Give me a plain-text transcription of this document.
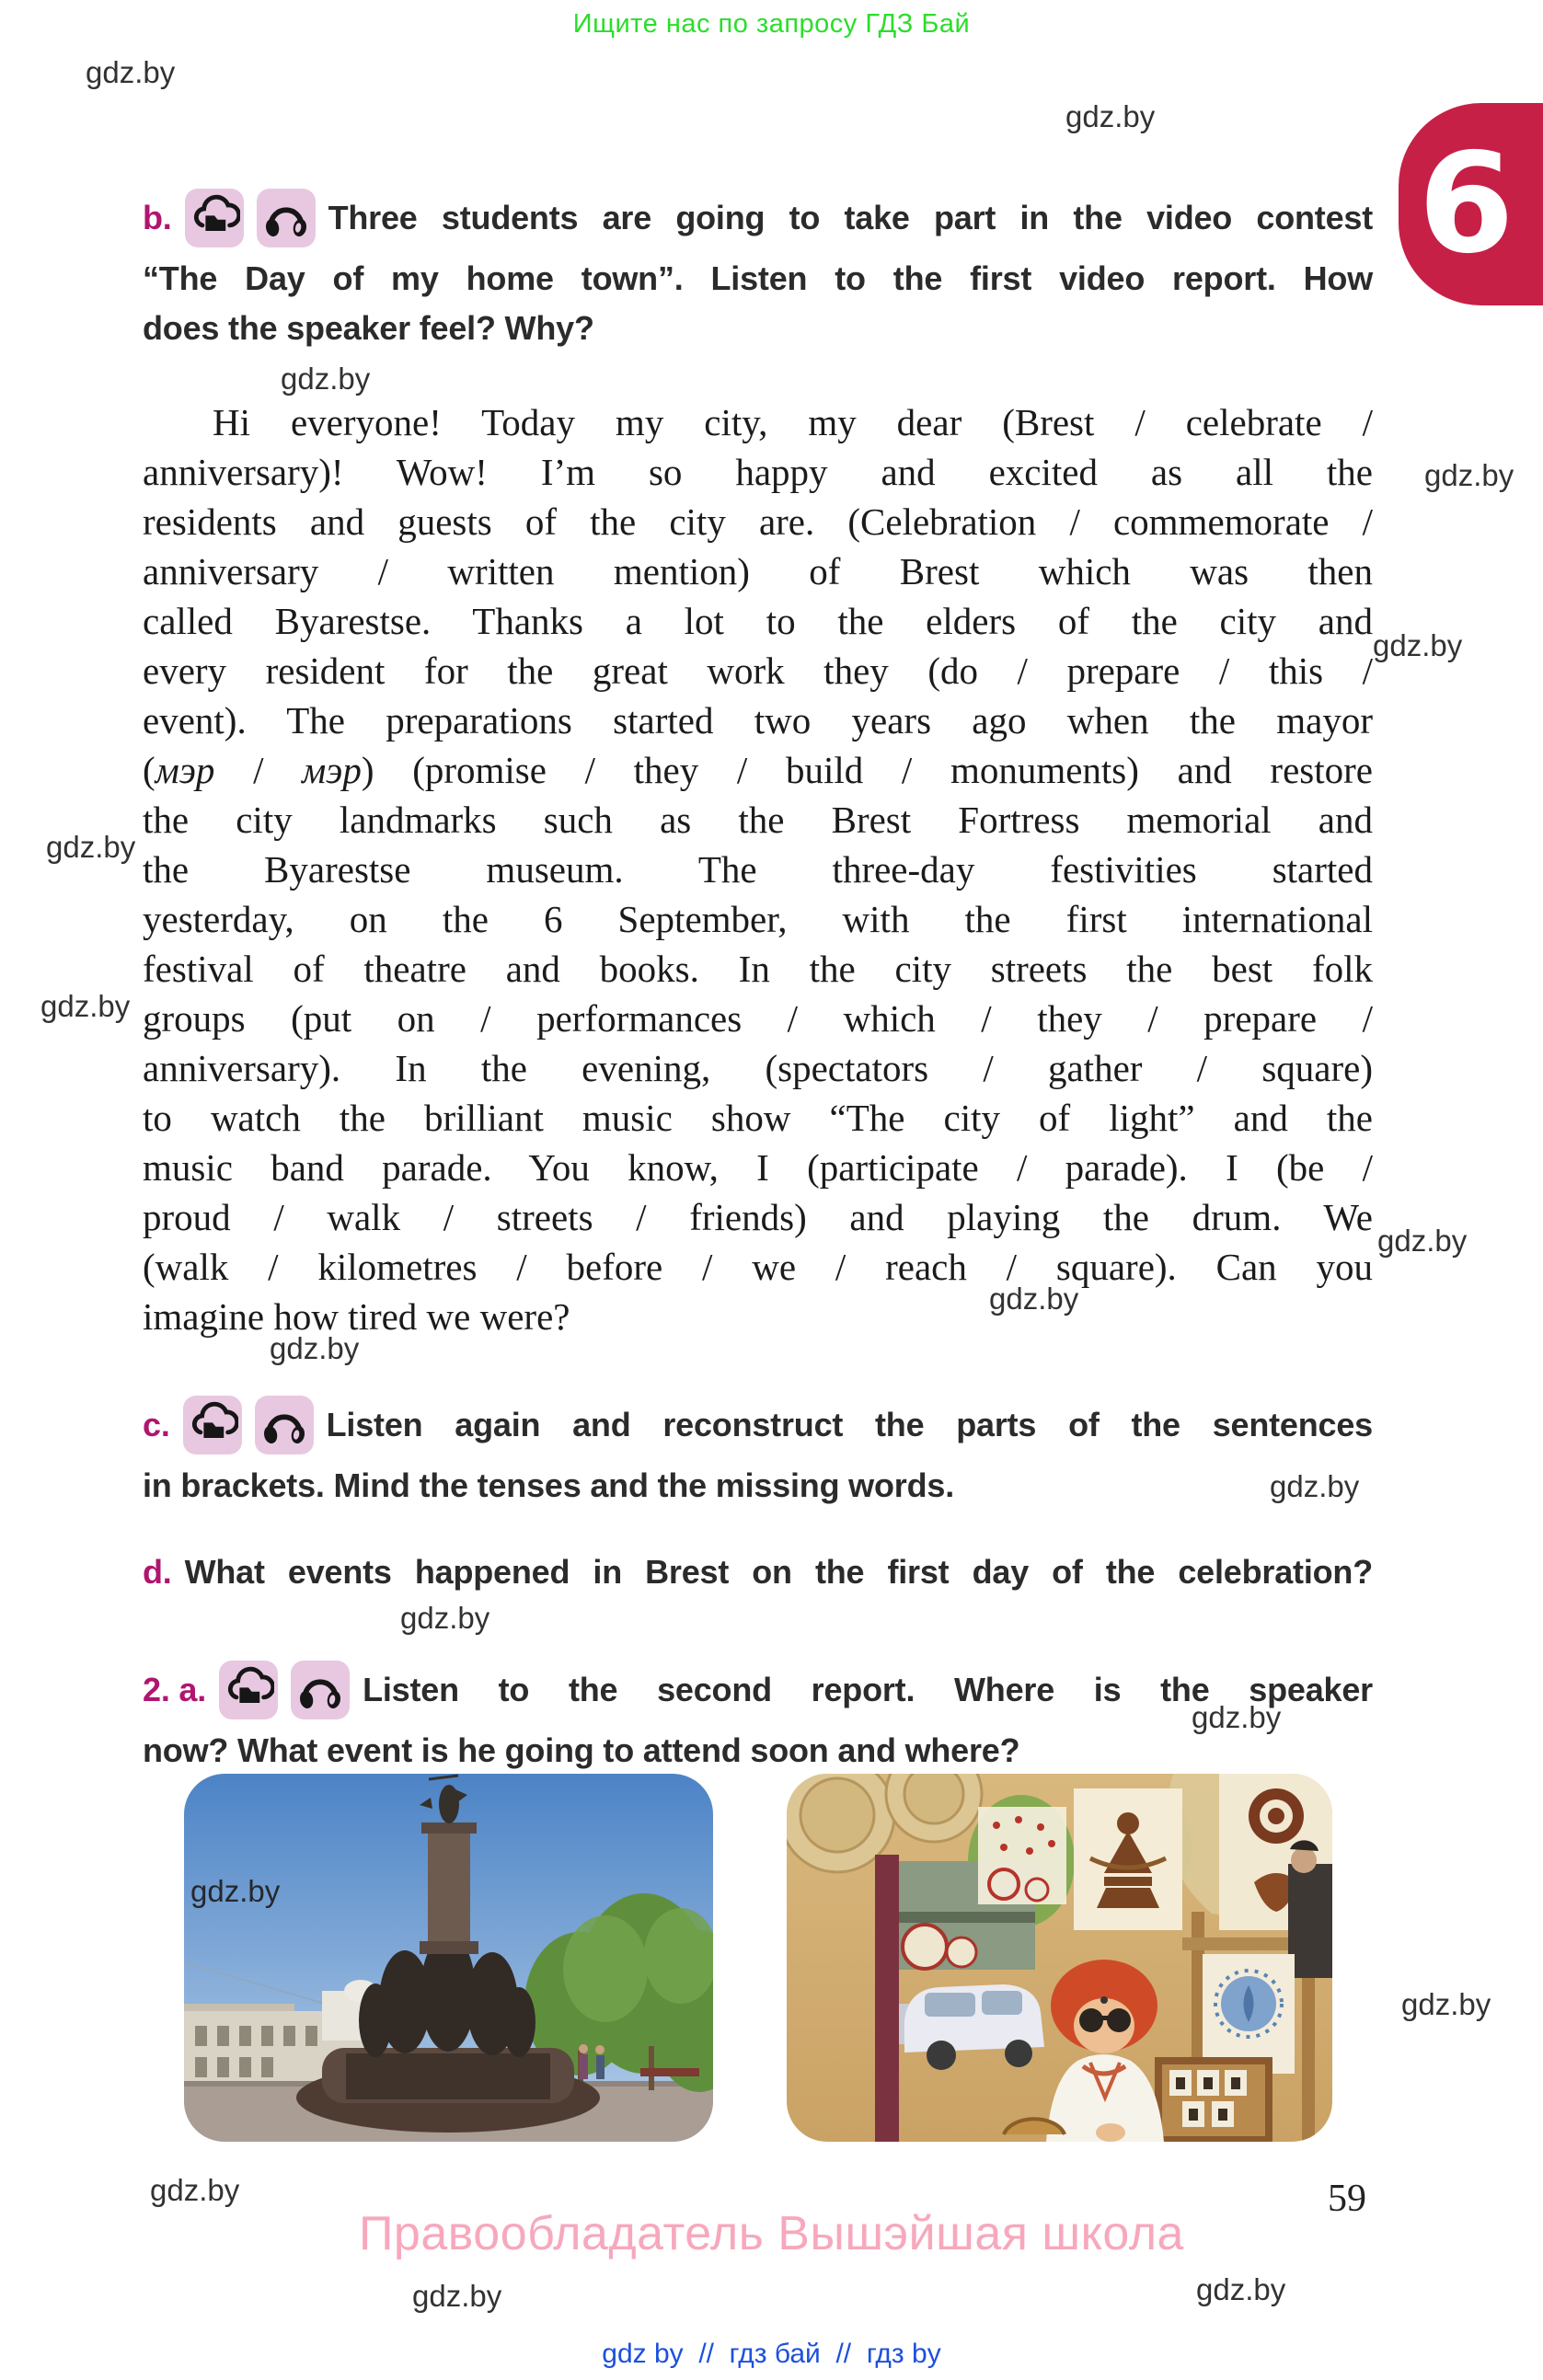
Ищите нас по запросу ГДЗ Бай
6
b.	Three students are going to take part in the video contest
“The Day of my home town”. Listen to the first video report. How
does the speaker feel? Why?
Hi everyone! Today my city, my dear (Brest / celebrate /
anniversary)! Wow! I’m so happy and excited as all the
residents and guests of the city are. (Celebration / commemorate /
anniversary / written mention) of Brest which was then
called Byarestse. Thanks a lot to the elders of the city and
every resident for the great work they (do / prepare / this /
event). The preparations started two years ago when the mayor
(мэр / мэр) (promise / they / build / monuments) and restore
the city landmarks such as the Brest Fortress memorial and
the Byarestse museum. The three-day festivities started
yesterday, on the 6 September, with the first international
festival of theatre and books. In the city streets the best folk
groups (put on / performances / which / they / prepare /
anniversary). In the evening, (spectators / gather / square)
to watch the brilliant music show “The city of light” and the
music band parade. You know, I (participate / parade). I (be /
proud / walk / streets / friends) and playing the drum. We
(walk / kilometres / before / we / reach / square). Can you
imagine how tired we were?
c.	Listen again and reconstruct the parts of the sentences
in brackets. Mind the tenses and the missing words.
d. What events happened in Brest on the first day of the celebration?
2. a.	Listen to the second report. Where is the speaker
now? What event is he going to attend soon and where?
59
Правообладатель Вышэйшая школа
gdz by  //  гдз бай  //  гдз by
gdz.by
gdz.by
gdz.by
gdz.by
gdz.by
gdz.by
gdz.by
gdz.by
gdz.by
gdz.by
gdz.by
gdz.by
gdz.by
gdz.by
gdz.by
gdz.by
gdz.by
gdz.by
